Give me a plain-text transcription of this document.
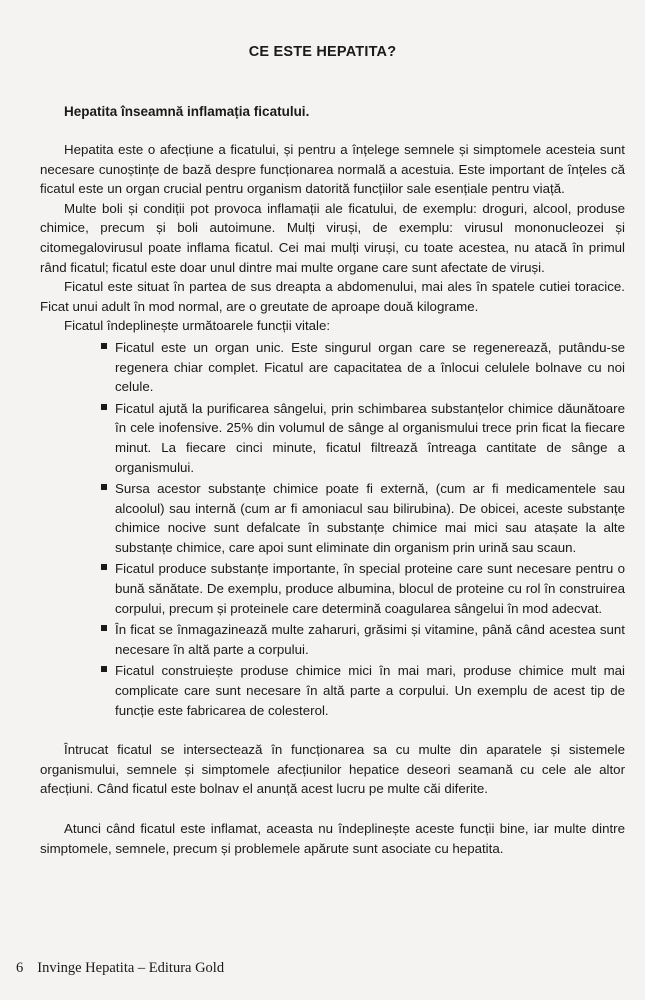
CE ESTE HEPATITA?
Hepatita înseamnă inflamația ficatului.

Hepatita este o afecțiune a ficatului, și pentru a înțelege semnele și simptomele acesteia sunt necesare cunoștințe de bază despre funcționarea normală a acestuia. Este important de înțeles că ficatul este un organ crucial pentru organism datorită funcțiilor sale esențiale pentru viață.

Multe boli și condiții pot provoca inflamații ale ficatului, de exemplu: droguri, alcool, produse chimice, precum și boli autoimune. Mulți viruși, de exemplu: virusul mononucleozei și citomegalovirusul poate inflama ficatul. Cei mai mulți viruși, cu toate acestea, nu atacă în primul rând ficatul; ficatul este doar unul dintre mai multe organe care sunt afectate de viruși.

Ficatul este situat în partea de sus dreapta a abdomenului, mai ales în spatele cutiei toracice. Ficat unui adult în mod normal, are o greutate de aproape două kilograme.

Ficatul îndeplinește următoarele funcții vitale:

Ficatul este un organ unic. Este singurul organ care se regenerează, putându-se regenera chiar complet. Ficatul are capacitatea de a înlocui celulele bolnave cu noi celule.
Ficatul ajută la purificarea sângelui, prin schimbarea substanțelor chimice dăunătoare în cele inofensive. 25% din volumul de sânge al organismului trece prin ficat la fiecare minut. La fiecare cinci minute, ficatul filtrează întreaga cantitate de sânge a organismului.
Sursa acestor substanțe chimice poate fi externă, (cum ar fi medicamentele sau alcoolul) sau internă (cum ar fi amoniacul sau bilirubina). De obicei, aceste substanțe chimice nocive sunt defalcate în substanțe chimice mai mici sau atașate la alte substanțe chimice, care apoi sunt eliminate din organism prin urină sau scaun.
Ficatul produce substanțe importante, în special proteine care sunt necesare pentru o bună sănătate. De exemplu, produce albumina, blocul de proteine cu rol în construirea corpului, precum și proteinele care determină coagularea sângelui în mod adecvat.
În ficat se înmagazinează multe zaharuri, grăsimi și vitamine, până când acestea sunt necesare în altă parte a corpului.
Ficatul construiește produse chimice mici în mai mari, produse chimice mult mai complicate care sunt necesare în altă parte a corpului. Un exemplu de acest tip de funcție este fabricarea de colesterol.

Întrucat ficatul se intersectează în funcționarea sa cu multe din aparatele și sistemele organismului, semnele și simptomele afecțiunilor hepatice deseori seamană cu cele ale altor afecțiuni. Când ficatul este bolnav el anunță acest lucru pe multe căi diferite.

Atunci când ficatul este inflamat, aceasta nu îndeplinește aceste funcții bine, iar multe dintre simptomele, semnele, precum și problemele apărute sunt asociate cu hepatita.

6 Invinge Hepatita – Editura Gold
